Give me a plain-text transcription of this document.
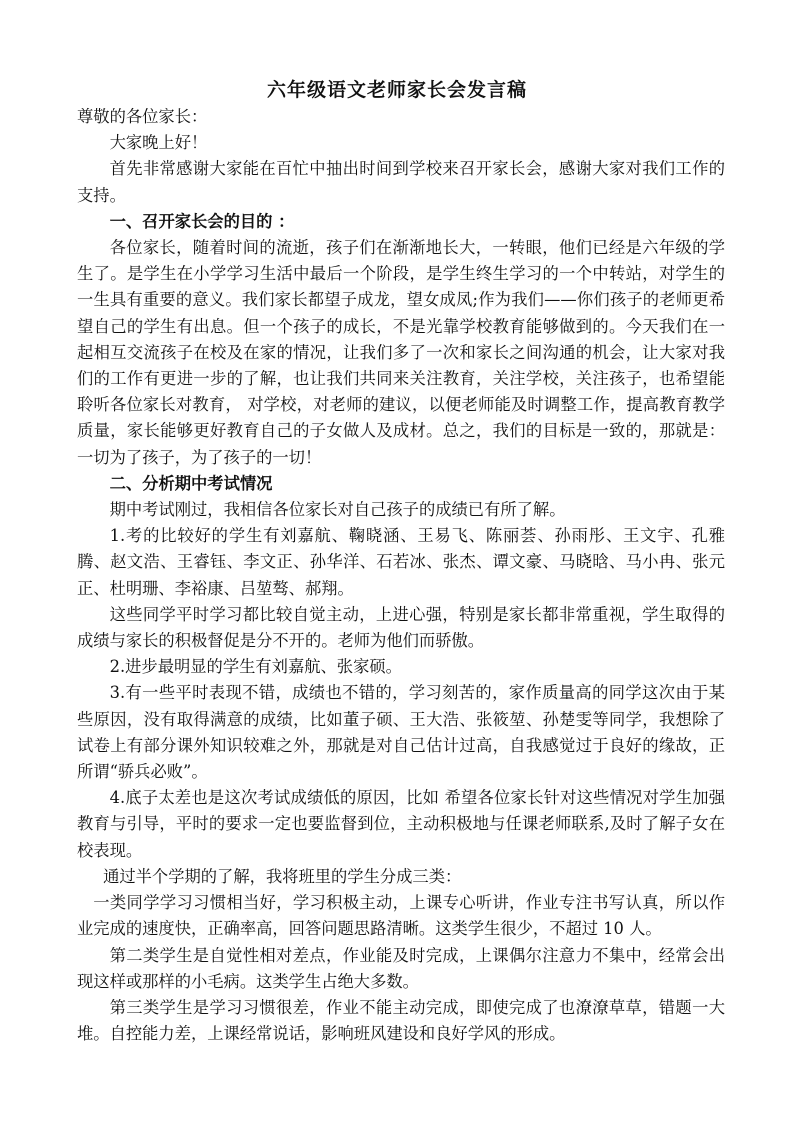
六年级语文老师家长会发言稿

尊敬的各位家长：

大家晚上好！

首先非常感谢大家能在百忙中抽出时间到学校来召开家长会，感谢大家对我们工作的支持。

一、召开家长会的目的 ：

各位家长，随着时间的流逝，孩子们在渐渐地长大，一转眼，他们已经是六年级的学生了。是学生在小学学习生活中最后一个阶段，是学生终生学习的一个中转站，对学生的一生具有重要的意义。我们家长都望子成龙，望女成凤;作为我们——你们孩子的老师更希望自己的学生有出息。但一个孩子的成长，不是光靠学校教育能够做到的。今天我们在一起相互交流孩子在校及在家的情况，让我们多了一次和家长之间沟通的机会，让大家对我们的工作有更进一步的了解，也让我们共同来关注教育，关注学校，关注孩子，也希望能聆听各位家长对教育， 对学校，对老师的建议，以便老师能及时调整工作，提高教育教学质量，家长能够更好教育自己的子女做人及成材。总之，我们的目标是一致的，那就是：一切为了孩子，为了孩子的一切！

二、分析期中考试情况

期中考试刚过，我相信各位家长对自己孩子的成绩已有所了解。

1.考的比较好的学生有刘嘉航、鞠晓涵、王易飞、陈丽荟、孙雨彤、王文宇、孔雅腾、赵文浩、王睿钰、李文正、孙华洋、石若冰、张杰、谭文豪、马晓晗、马小冉、张元正、杜明珊、李裕康、吕堃骜、郝翔。

这些同学平时学习都比较自觉主动，上进心强，特别是家长都非常重视，学生取得的成绩与家长的积极督促是分不开的。老师为他们而骄傲。

2.进步最明显的学生有刘嘉航、张家硕。

3.有一些平时表现不错，成绩也不错的，学习刻苦的，家作质量高的同学这次由于某些原因，没有取得满意的成绩，比如董子硕、王大浩、张筱堃、孙楚雯等同学，我想除了试卷上有部分课外知识较难之外，那就是对自己估计过高，自我感觉过于良好的缘故，正所谓“骄兵必败”。

4.底子太差也是这次考试成绩低的原因，比如 希望各位家长针对这些情况对学生加强教育与引导，平时的要求一定也要监督到位，主动积极地与任课老师联系,及时了解子女在校表现。

通过半个学期的了解，我将班里的学生分成三类：

一类同学学习习惯相当好，学习积极主动，上课专心听讲，作业专注书写认真，所以作业完成的速度快，正确率高，回答问题思路清晰。这类学生很少，不超过 10 人。

第二类学生是自觉性相对差点，作业能及时完成，上课偶尔注意力不集中，经常会出现这样或那样的小毛病。这类学生占绝大多数。

第三类学生是学习习惯很差，作业不能主动完成，即使完成了也潦潦草草，错题一大堆。自控能力差，上课经常说话，影响班风建设和良好学风的形成。
